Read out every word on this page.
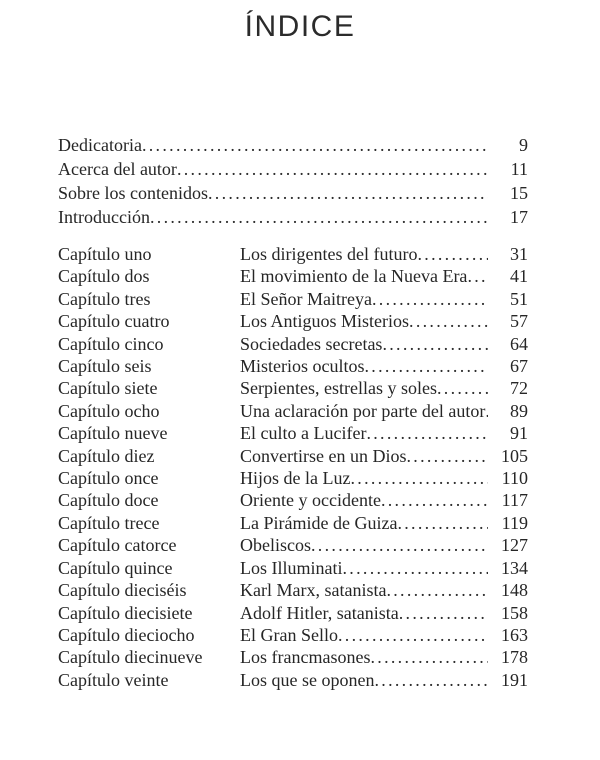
ÍNDICE
Dedicatoria . . .	9
Acerca del autor . . .	11
Sobre los contenidos . . .	15
Introducción . . .	17
Capítulo uno	Los dirigentes del futuro . . .	31
Capítulo dos	El movimiento de la Nueva Era . . .	41
Capítulo tres	El Señor Maitreya . . .	51
Capítulo cuatro	Los Antiguos Misterios . . .	57
Capítulo cinco	Sociedades secretas . . .	64
Capítulo seis	Misterios ocultos . . .	67
Capítulo siete	Serpientes, estrellas y soles . . .	72
Capítulo ocho	Una aclaración por parte del autor . . .	89
Capítulo nueve	El culto a Lucifer . . .	91
Capítulo diez	Convertirse en un Dios . . .	105
Capítulo once	Hijos de la Luz . . .	110
Capítulo doce	Oriente y occidente . . .	117
Capítulo trece	La Pirámide de Guiza . . .	119
Capítulo catorce	Obeliscos . . .	127
Capítulo quince	Los Illuminati . . .	134
Capítulo dieciséis	Karl Marx, satanista . . .	148
Capítulo diecisiete	Adolf Hitler, satanista . . .	158
Capítulo dieciocho	El Gran Sello . . .	163
Capítulo diecinueve	Los francmasones . . .	178
Capítulo veinte	Los que se oponen . . .	191
